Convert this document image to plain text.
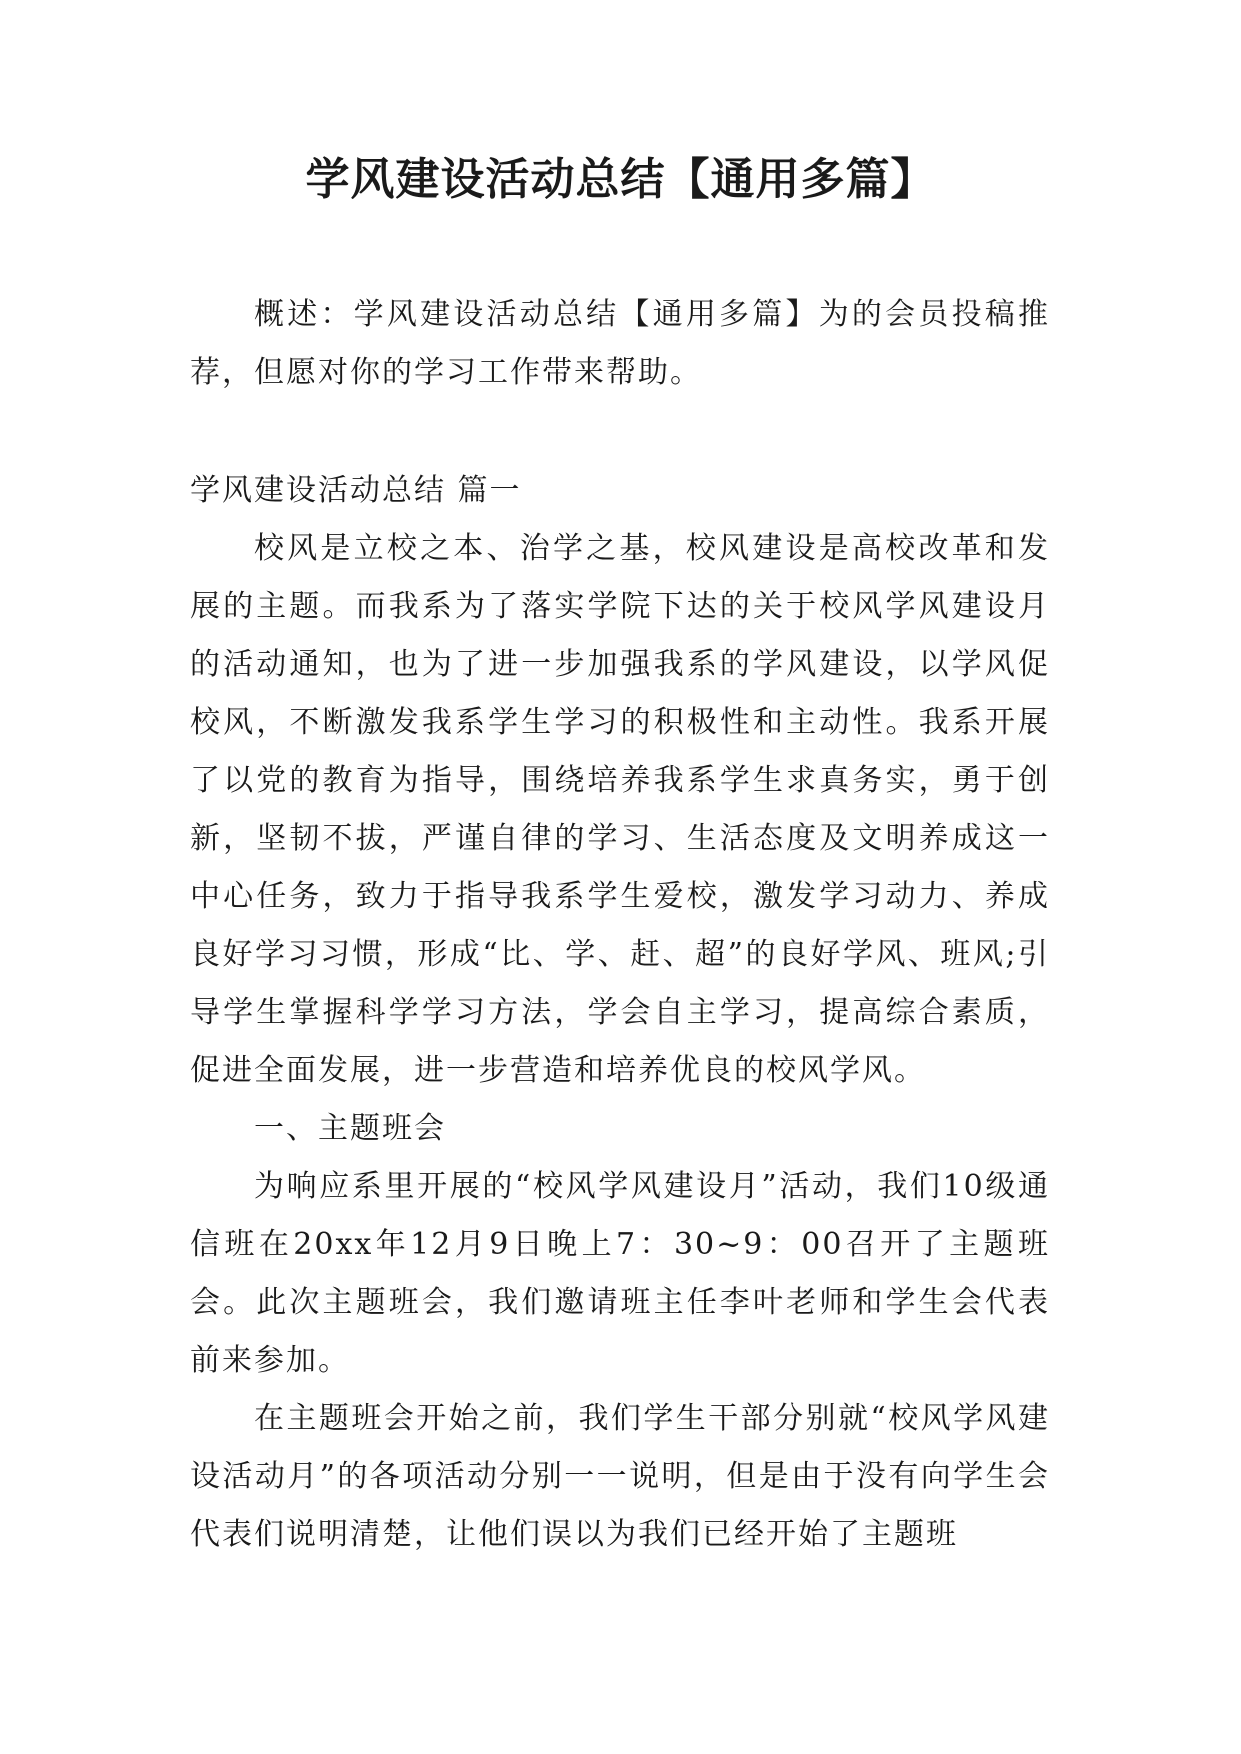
学风建设活动总结【通用多篇】

概述：学风建设活动总结【通用多篇】为的会员投稿推荐，但愿对你的学习工作带来帮助。

学风建设活动总结 篇一

校风是立校之本、治学之基，校风建设是高校改革和发展的主题。而我系为了落实学院下达的关于校风学风建设月的活动通知，也为了进一步加强我系的学风建设，以学风促校风，不断激发我系学生学习的积极性和主动性。我系开展了以党的教育为指导，围绕培养我系学生求真务实，勇于创新，坚韧不拔，严谨自律的学习、生活态度及文明养成这一中心任务，致力于指导我系学生爱校，激发学习动力、养成良好学习习惯，形成“比、学、赶、超”的良好学风、班风;引导学生掌握科学学习方法，学会自主学习，提高综合素质，促进全面发展，进一步营造和培养优良的校风学风。

一、主题班会

为响应系里开展的“校风学风建设月”活动，我们10级通信班在20xx年12月9日晚上7：30~9：00召开了主题班会。此次主题班会，我们邀请班主任李叶老师和学生会代表前来参加。

在主题班会开始之前，我们学生干部分别就“校风学风建设活动月”的各项活动分别一一说明，但是由于没有向学生会代表们说明清楚，让他们误以为我们已经开始了主题班
